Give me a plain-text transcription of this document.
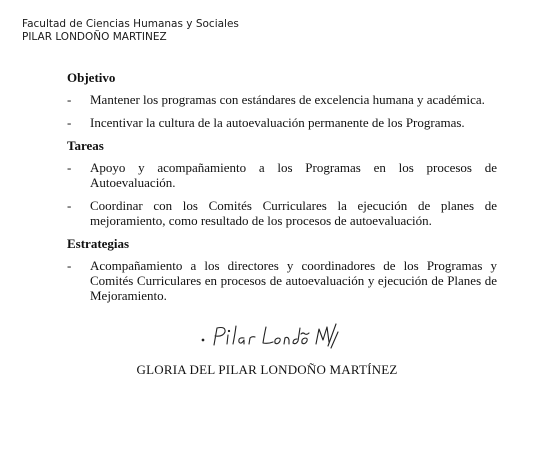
Facultad de Ciencias Humanas y Sociales
PILAR LONDOÑO MARTINEZ
Objetivo
- Mantener los programas con estándares de excelencia humana y académica.
- Incentivar la cultura de la autoevaluación permanente de los Programas.
Tareas
- Apoyo y acompañamiento a los Programas en los procesos de Autoevaluación.
- Coordinar con los Comités Curriculares la ejecución de planes de mejoramiento, como resultado de los procesos de autoevaluación.
Estrategias
- Acompañamiento a los directores y coordinadores de los Programas y Comités Curriculares en procesos de autoevaluación y ejecución de Planes de Mejoramiento.
GLORIA DEL PILAR LONDOÑO MARTÍNEZ
